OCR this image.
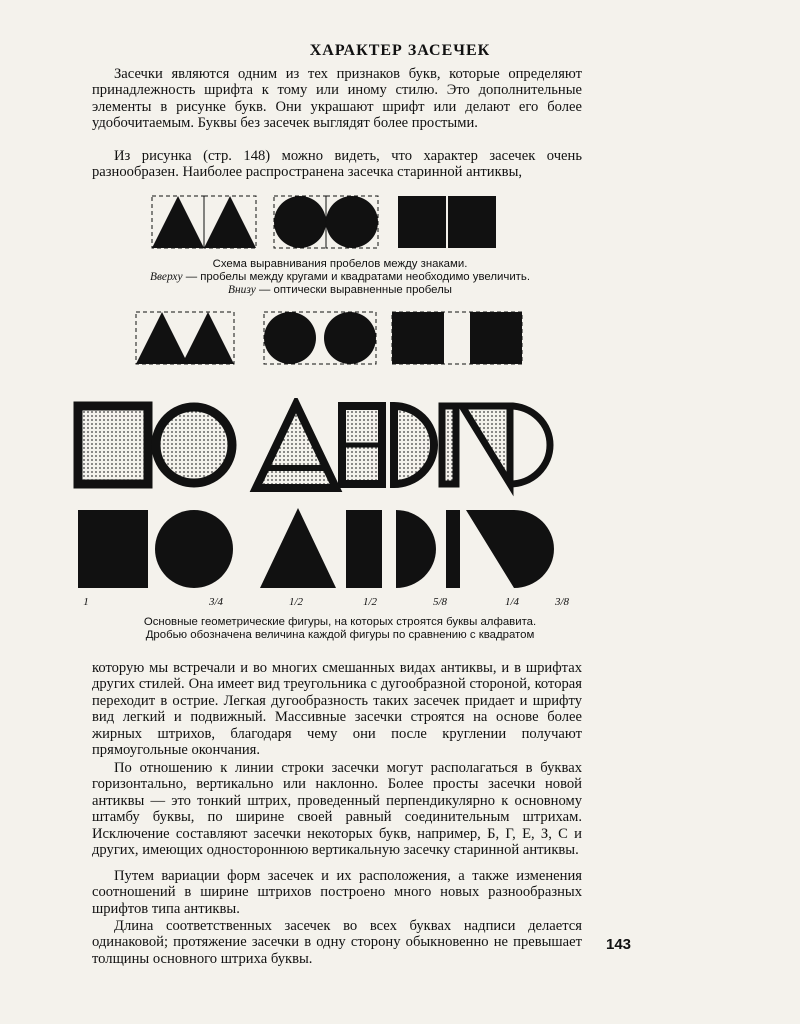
ХАРАКТЕР ЗАСЕЧЕК

Засечки являются одним из тех признаков букв, которые определяют принадлежность шрифта к тому или иному стилю. Это дополнительные элементы в рисунке букв. Они украшают шрифт или делают его более удобочитаемым. Буквы без засечек выглядят более простыми.

Из рисунка (стр. 148) можно видеть, что характер засечек очень разнообразен. Наиболее распространена засечка старинной антиквы,

Схема выравнивания пробелов между знаками.
Вверху — пробелы между кругами и квадратами необходимо увеличить.
Внизу — оптически выравненные пробелы
1	3/4	1/2	1/2	5/8	1/4	3/8
Основные геометрические фигуры, на которых строятся буквы алфавита.
Дробью обозначена величина каждой фигуры по сравнению с квадратом

которую мы встречали и во многих смешанных видах антиквы, и в шрифтах других стилей. Она имеет вид треугольника с дугообразной стороной, которая переходит в острие. Легкая дугообразность таких засечек придает и шрифту вид легкий и подвижный. Массивные засечки строятся на основе более жирных штрихов, благодаря чему они после круглении получают прямоугольные окончания.

По отношению к линии строки засечки могут располагаться в буквах горизонтально, вертикально или наклонно. Более просты засечки новой антиквы — это тонкий штрих, проведенный перпендикулярно к основному штамбу буквы, по ширине своей равный соединительным штрихам. Исключение составляют засечки некоторых букв, например, Б, Г, Е, З, С и других, имеющих одностороннюю вертикальную засечку старинной антиквы.

Путем вариации форм засечек и их расположения, а также изменения соотношений в ширине штрихов построено много новых разнообразных шрифтов типа антиквы.

Длина соответственных засечек во всех буквах надписи делается одинаковой; протяжение засечки в одну сторону обыкновенно не превышает толщины основного штриха буквы.

143
